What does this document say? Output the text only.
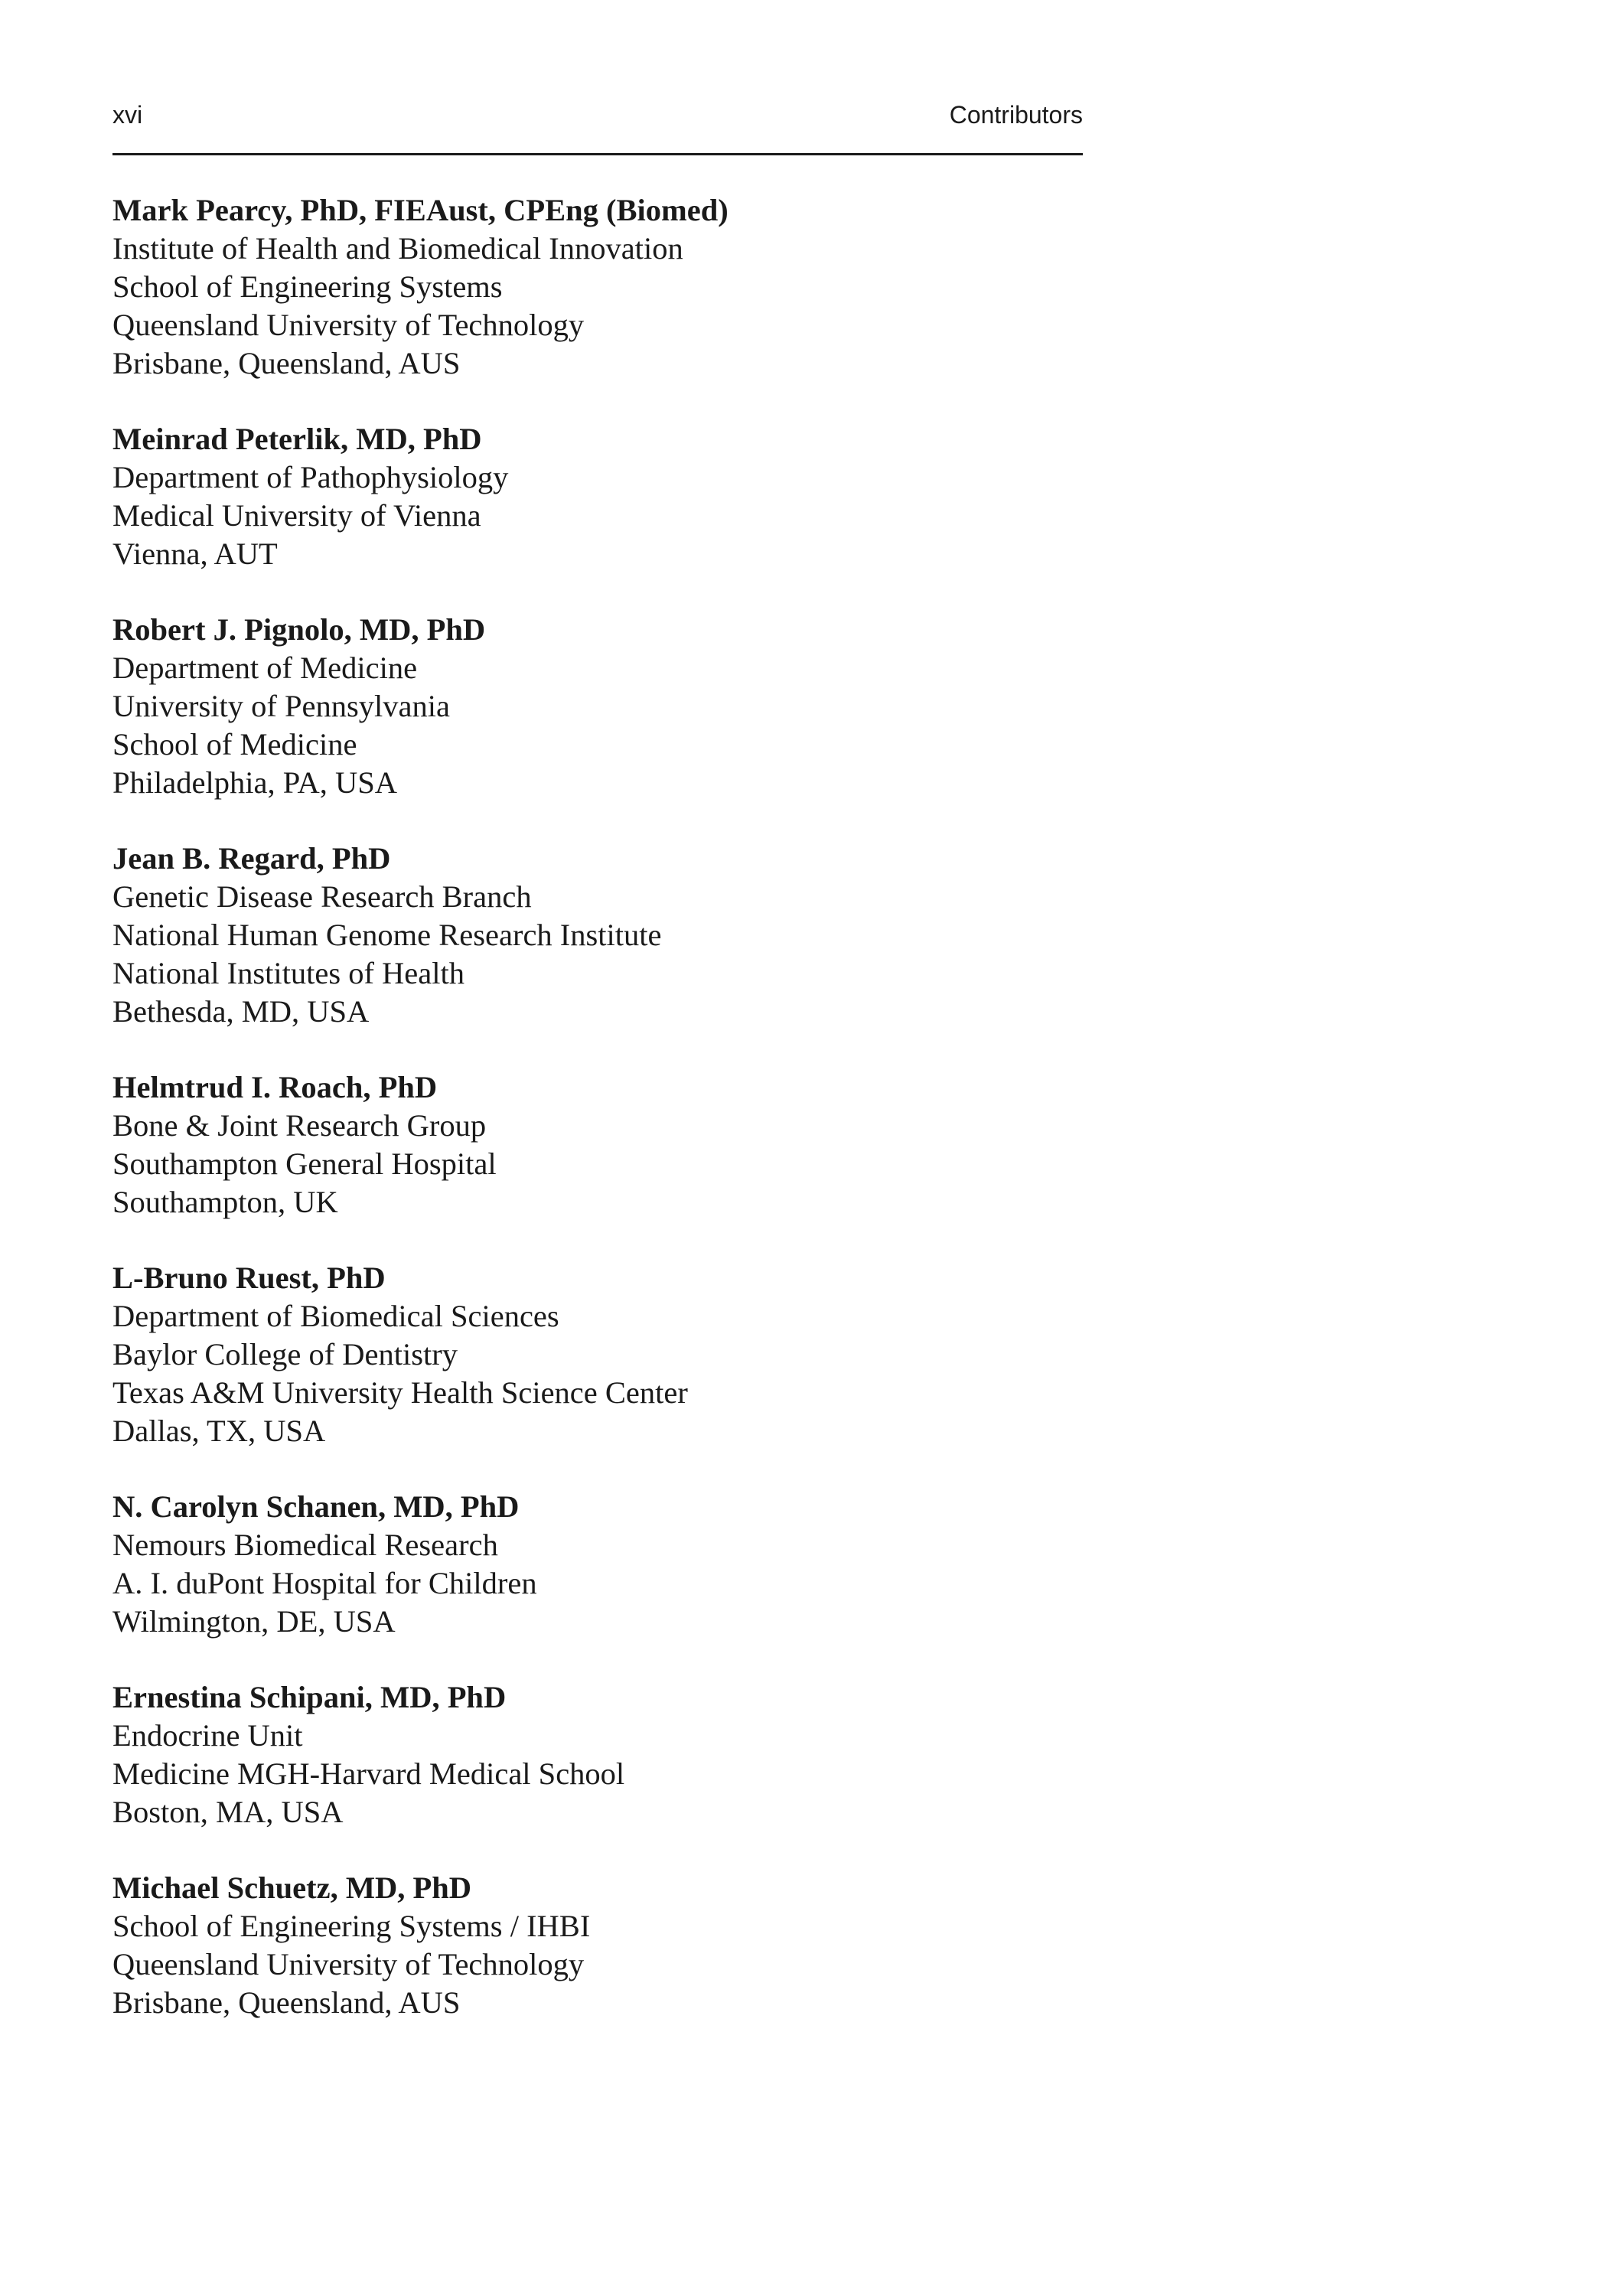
xvi	Contributors
Mark Pearcy, PhD, FIEAust, CPEng (Biomed)
Institute of Health and Biomedical Innovation
School of Engineering Systems
Queensland University of Technology
Brisbane, Queensland, AUS
Meinrad Peterlik, MD, PhD
Department of Pathophysiology
Medical University of Vienna
Vienna, AUT
Robert J. Pignolo, MD, PhD
Department of Medicine
University of Pennsylvania
School of Medicine
Philadelphia, PA, USA
Jean B. Regard, PhD
Genetic Disease Research Branch
National Human Genome Research Institute
National Institutes of Health
Bethesda, MD, USA
Helmtrud I. Roach, PhD
Bone & Joint Research Group
Southampton General Hospital
Southampton, UK
L-Bruno Ruest, PhD
Department of Biomedical Sciences
Baylor College of Dentistry
Texas A&M University Health Science Center
Dallas, TX, USA
N. Carolyn Schanen, MD, PhD
Nemours Biomedical Research
A. I. duPont Hospital for Children
Wilmington, DE, USA
Ernestina Schipani, MD, PhD
Endocrine Unit
Medicine MGH-Harvard Medical School
Boston, MA, USA
Michael Schuetz, MD, PhD
School of Engineering Systems / IHBI
Queensland University of Technology
Brisbane, Queensland, AUS
